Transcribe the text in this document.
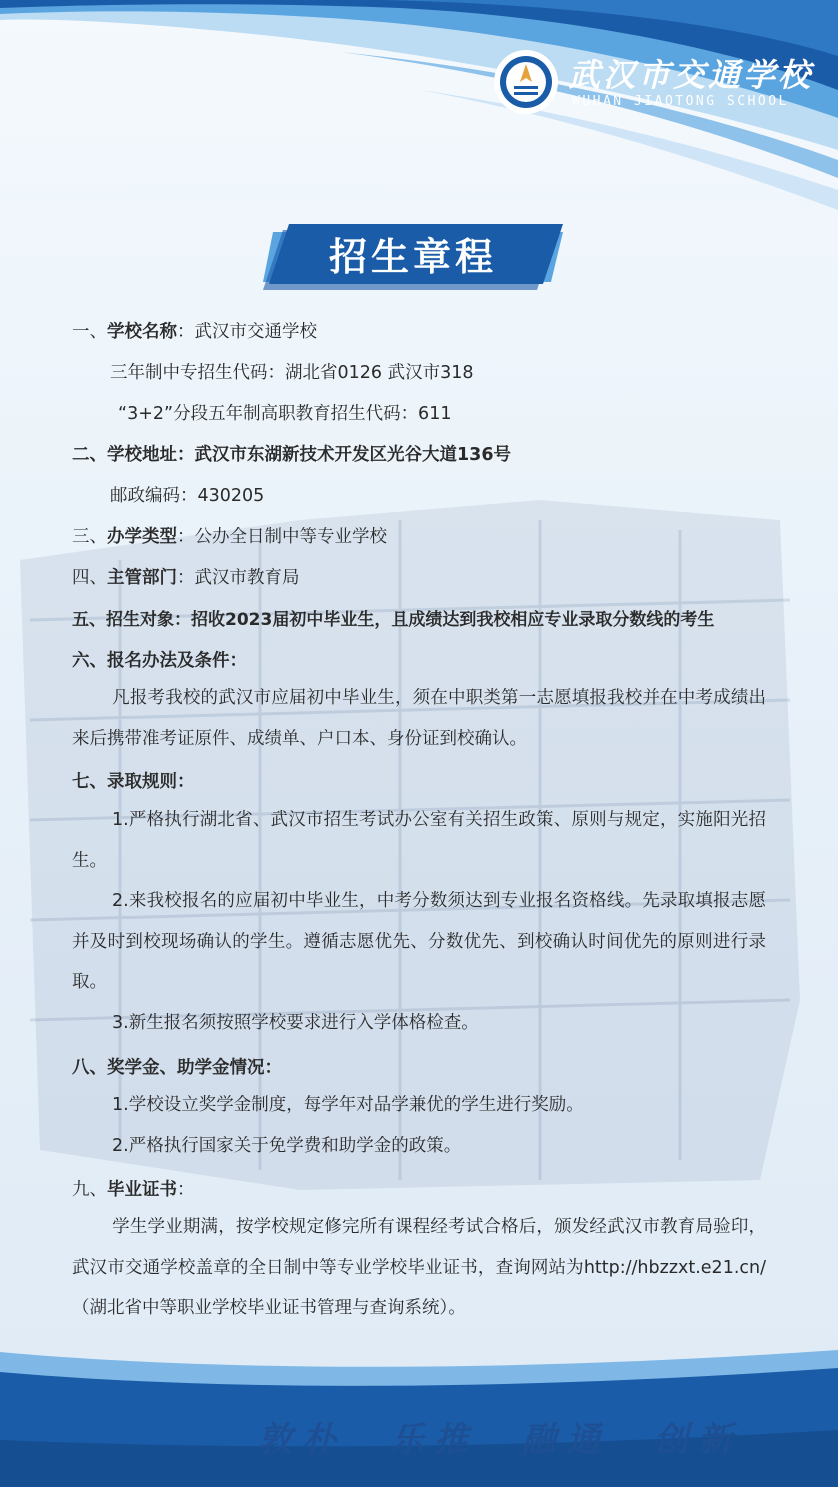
武汉市交通学校
WUHAN JIAOTONG SCHOOL
招生章程
一、学校名称：武汉市交通学校
三年制中专招生代码：湖北省0126 武汉市318
“3+2”分段五年制高职教育招生代码：611
二、学校地址：武汉市东湖新技术开发区光谷大道136号
邮政编码：430205
三、办学类型：公办全日制中等专业学校
四、主管部门：武汉市教育局
五、招生对象：招收2023届初中毕业生，且成绩达到我校相应专业录取分数线的考生
六、报名办法及条件：
凡报考我校的武汉市应届初中毕业生，须在中职类第一志愿填报我校并在中考成绩出来后携带准考证原件、成绩单、户口本、身份证到校确认。
七、录取规则：
1.严格执行湖北省、武汉市招生考试办公室有关招生政策、原则与规定，实施阳光招生。
2.来我校报名的应届初中毕业生，中考分数须达到专业报名资格线。先录取填报志愿并及时到校现场确认的学生。遵循志愿优先、分数优先、到校确认时间优先的原则进行录取。
3.新生报名须按照学校要求进行入学体格检查。
八、奖学金、助学金情况：
1.学校设立奖学金制度，每学年对品学兼优的学生进行奖励。
2.严格执行国家关于免学费和助学金的政策。
九、毕业证书：
学生学业期满，按学校规定修完所有课程经考试合格后，颁发经武汉市教育局验印，武汉市交通学校盖章的全日制中等专业学校毕业证书，查询网站为http://hbzzxt.e21.cn/（湖北省中等职业学校毕业证书管理与查询系统）。
敦朴 乐推 融通 创新
